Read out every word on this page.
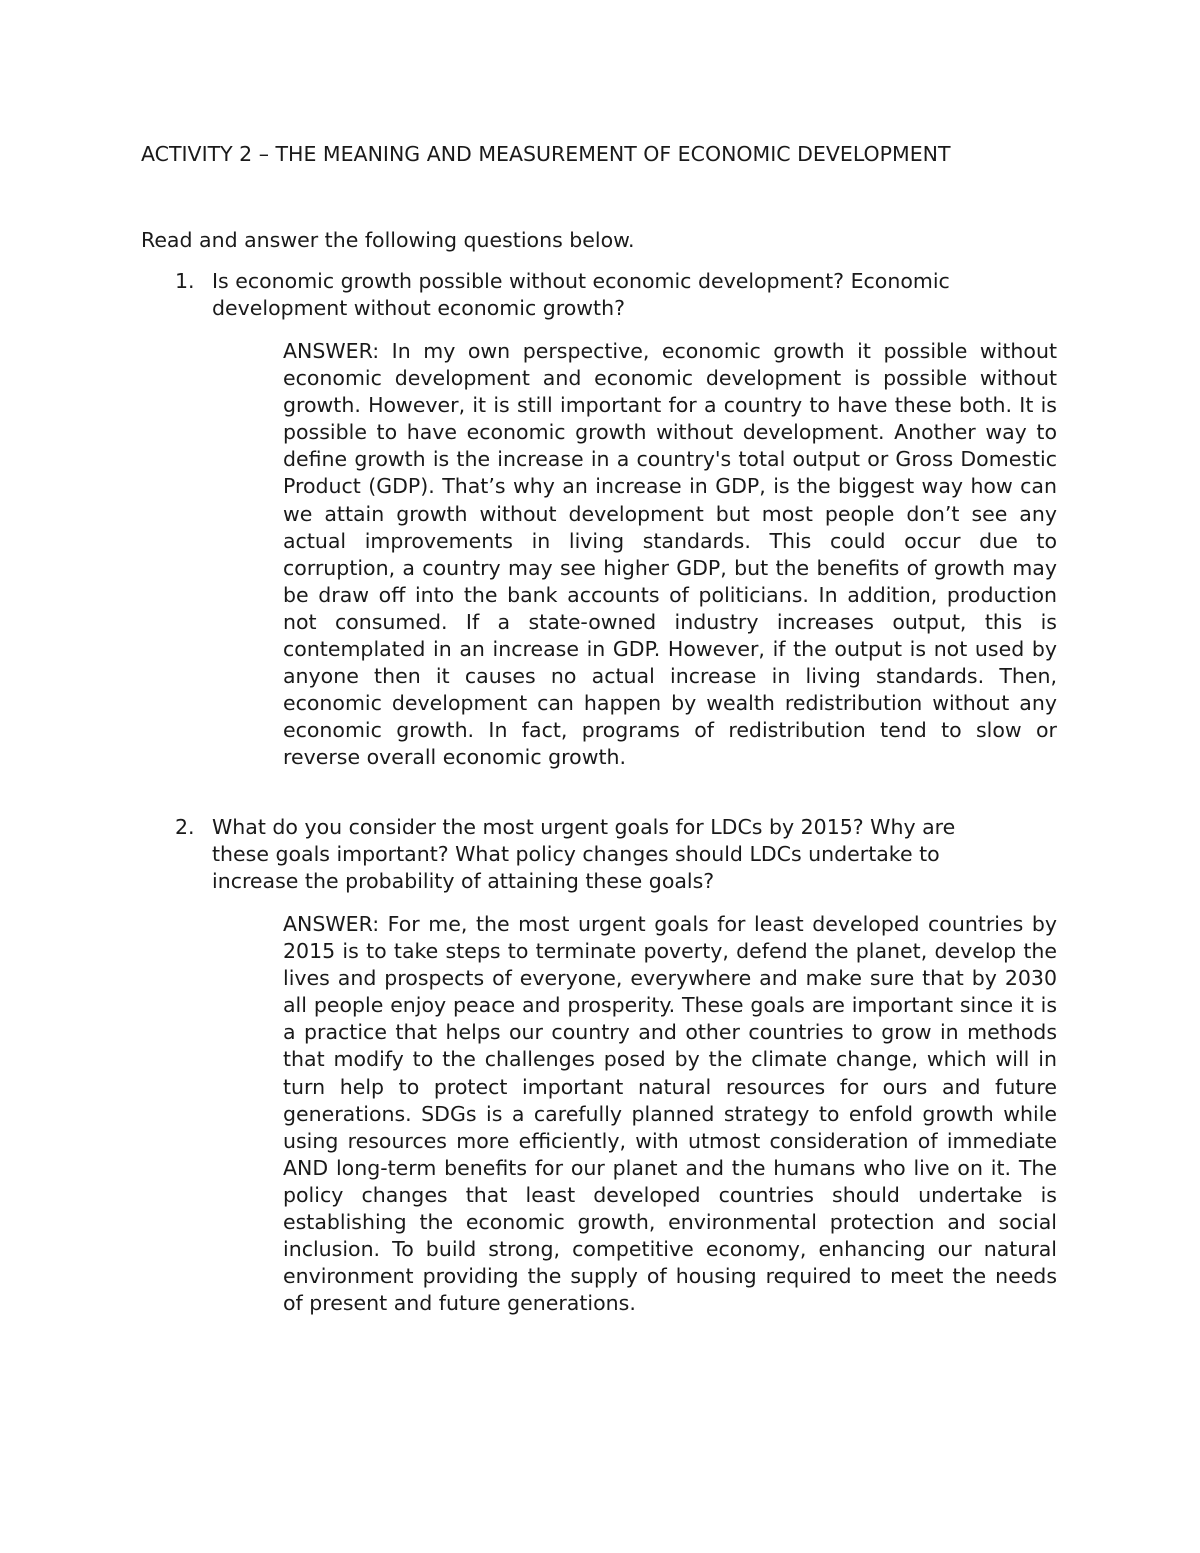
ACTIVITY 2 – THE MEANING AND MEASUREMENT OF ECONOMIC DEVELOPMENT

Read and answer the following questions below.

1. Is economic growth possible without economic development? Economic development without economic growth?

ANSWER: In my own perspective, economic growth it possible without economic development and economic development is possible without growth. However, it is still important for a country to have these both. It is possible to have economic growth without development. Another way to define growth is the increase in a country's total output or Gross Domestic Product (GDP). That’s why an increase in GDP, is the biggest way how can we attain growth without development but most people don’t see any actual improvements in living standards. This could occur due to corruption, a country may see higher GDP, but the benefits of growth may be draw off into the bank accounts of politicians. In addition, production not consumed. If a state-owned industry increases output, this is contemplated in an increase in GDP. However, if the output is not used by anyone then it causes no actual increase in living standards. Then, economic development can happen by wealth redistribution without any economic growth. In fact, programs of redistribution tend to slow or reverse overall economic growth.

2. What do you consider the most urgent goals for LDCs by 2015? Why are these goals important? What policy changes should LDCs undertake to increase the probability of attaining these goals?

ANSWER: For me, the most urgent goals for least developed countries by 2015 is to take steps to terminate poverty, defend the planet, develop the lives and prospects of everyone, everywhere and make sure that by 2030 all people enjoy peace and prosperity. These goals are important since it is a practice that helps our country and other countries to grow in methods that modify to the challenges posed by the climate change, which will in turn help to protect important natural resources for ours and future generations. SDGs is a carefully planned strategy to enfold growth while using resources more efficiently, with utmost consideration of immediate AND long-term benefits for our planet and the humans who live on it. The policy changes that least developed countries should undertake is establishing the economic growth, environmental protection and social inclusion. To build strong, competitive economy, enhancing our natural environment providing the supply of housing required to meet the needs of present and future generations.
